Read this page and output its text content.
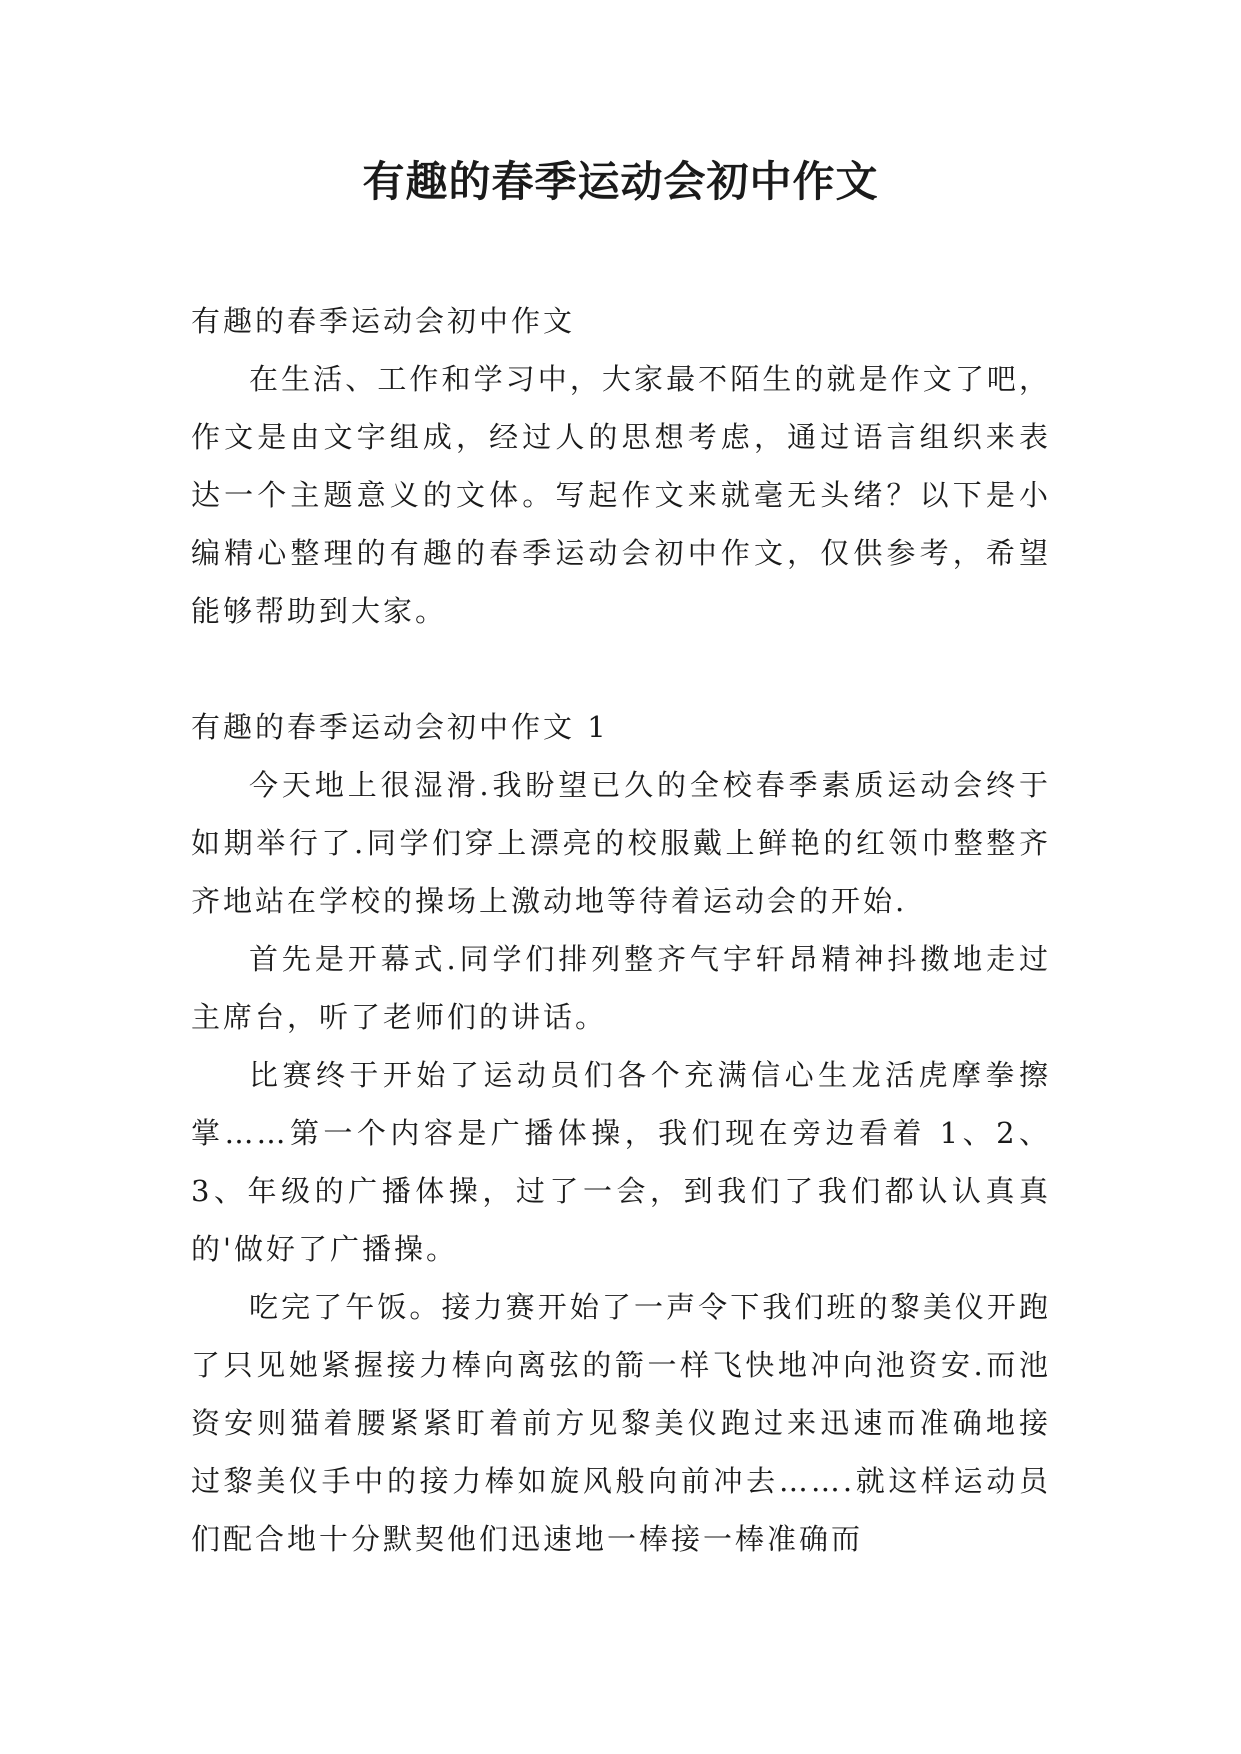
有趣的春季运动会初中作文

有趣的春季运动会初中作文

在生活、工作和学习中，大家最不陌生的就是作文了吧，作文是由文字组成，经过人的思想考虑，通过语言组织来表达一个主题意义的文体。写起作文来就毫无头绪？以下是小编精心整理的有趣的春季运动会初中作文，仅供参考，希望能够帮助到大家。

有趣的春季运动会初中作文 1

今天地上很湿滑.我盼望已久的全校春季素质运动会终于如期举行了.同学们穿上漂亮的校服戴上鲜艳的红领巾整整齐齐地站在学校的操场上激动地等待着运动会的开始.

首先是开幕式.同学们排列整齐气宇轩昂精神抖擞地走过主席台，听了老师们的讲话。

比赛终于开始了运动员们各个充满信心生龙活虎摩拳擦掌……第一个内容是广播体操，我们现在旁边看着 1、2、3、年级的广播体操，过了一会，到我们了我们都认认真真的'做好了广播操。

吃完了午饭。接力赛开始了一声令下我们班的黎美仪开跑了只见她紧握接力棒向离弦的箭一样飞快地冲向池资安.而池资安则猫着腰紧紧盯着前方见黎美仪跑过来迅速而准确地接过黎美仪手中的接力棒如旋风般向前冲去…….就这样运动员们配合地十分默契他们迅速地一棒接一棒准确而
